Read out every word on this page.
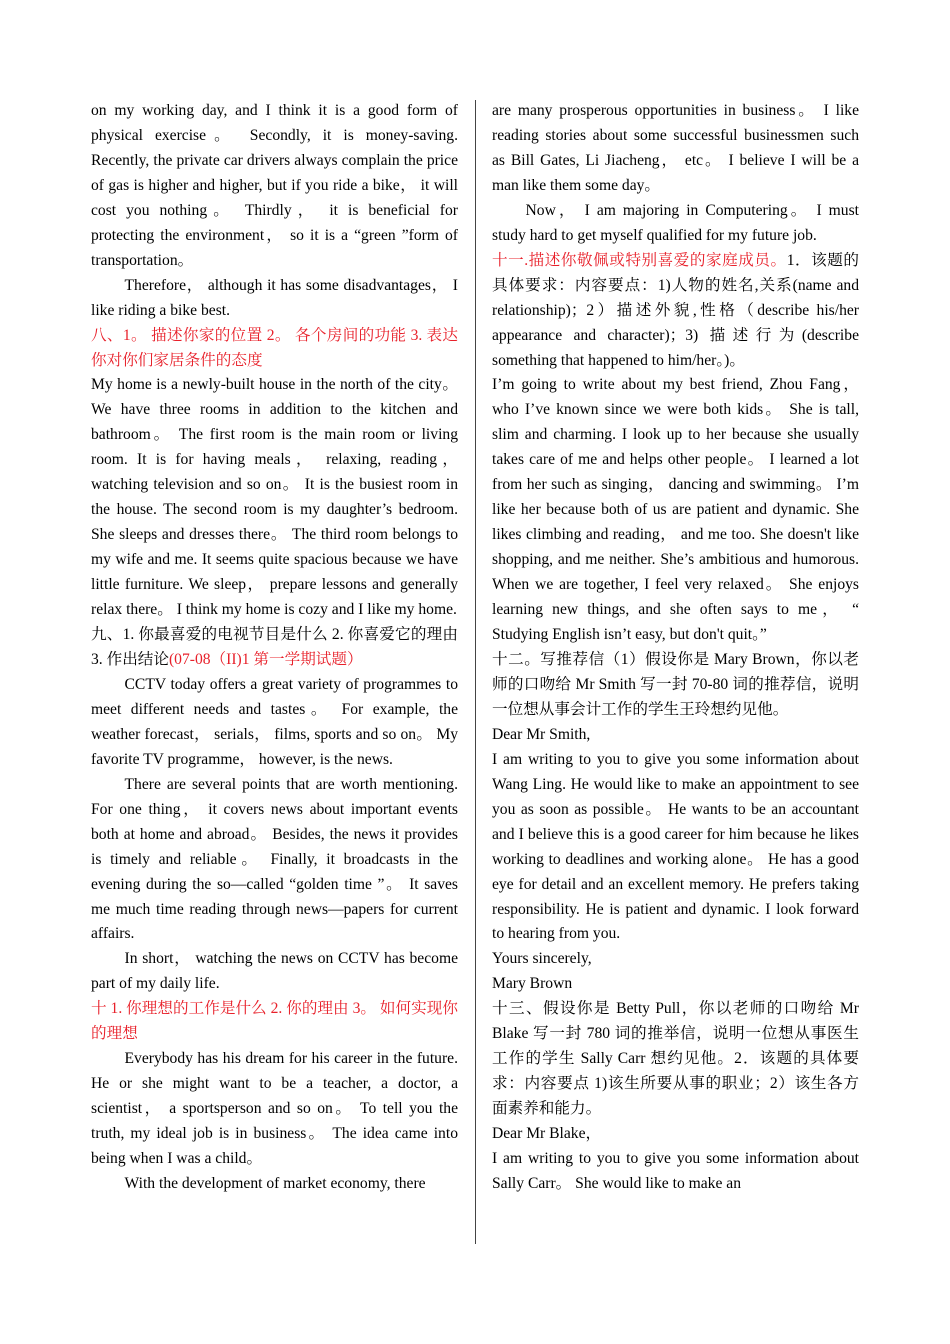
on my working day, and I think it is a good form of physical exercise。 Secondly, it is money-saving. Recently, the private car drivers always complain the price of gas is higher and higher, but if you ride a bike， it will cost you nothing。 Thirdly， it is beneficial for protecting the environment， so it is a “green ”form of transportation。

Therefore， although it has some disadvantages， I like riding a bike best.

八、1。 描述你家的位置 2。 各个房间的功能 3. 表达你对你们家居条件的态度

My home is a newly-built house in the north of the city。 We have three rooms in addition to the kitchen and bathroom。 The first room is the main room or living room. It is for having meals， relaxing, reading， watching television and so on。 It is the busiest room in the house. The second room is my daughter’s bedroom. She sleeps and dresses there。 The third room belongs to my wife and me. It seems quite spacious because we have little furniture. We sleep， prepare lessons and generally relax there。 I think my home is cozy and I like my home.

九、1. 你最喜爱的电视节目是什么 2. 你喜爱它的理由 3. 作出结论(07-08（II)1 第一学期试题）

CCTV today offers a great variety of programmes to meet different needs and tastes。 For example, the weather forecast， serials， films, sports and so on。 My favorite TV programme， however, is the news.

There are several points that are worth mentioning. For one thing， it covers news about important events both at home and abroad。 Besides, the news it provides is timely and reliable。 Finally, it broadcasts in the evening during the so—called “golden time ”。 It saves me much time reading through news—papers for current affairs.

In short， watching the news on CCTV has become part of my daily life.

十 1. 你理想的工作是什么 2. 你的理由 3。 如何实现你的理想

Everybody has his dream for his career in the future. He or she might want to be a teacher, a doctor, a scientist， a sportsperson and so on。 To tell you the truth, my ideal job is in business。 The idea came into being when I was a child。

With the development of market economy, there

are many prosperous opportunities in business。 I like reading stories about some successful businessmen such as Bill Gates, Li Jiacheng， etc。 I believe I will be a man like them some day。

Now， I am majoring in Computering。 I must study hard to get myself qualified for my future job.

十一.描述你敬佩或特别喜爱的家庭成员。1．该题的具体要求：内容要点：1)人物的姓名,关系(name and relationship)；2）描述外貌,性格（describe his/her appearance and character)；3) 描述行为(describe something that happened to him/her。)。

I’m going to write about my best friend, Zhou Fang， who I’ve known since we were both kids。 She is tall, slim and charming. I look up to her because she usually takes care of me and helps other people。 I learned a lot from her such as singing， dancing and swimming。 I’m like her because both of us are patient and dynamic. She likes climbing and reading， and me too. She doesn't like shopping, and me neither. She’s ambitious and humorous. When we are together, I feel very relaxed。 She enjoys learning new things, and she often says to me， “ Studying English isn’t easy, but don't quit。”

十二。写推荐信（1）假设你是 Mary Brown，你以老师的口吻给 Mr Smith 写一封 70-80 词的推荐信，说明一位想从事会计工作的学生王玲想约见他。

Dear Mr Smith,

I am writing to you to give you some information about Wang Ling. He would like to make an appointment to see you as soon as possible。 He wants to be an accountant and I believe this is a good career for him because he likes working to deadlines and working alone。 He has a good eye for detail and an excellent memory. He prefers taking responsibility. He is patient and dynamic. I look forward to hearing from you.

Yours sincerely,

Mary Brown

十三、假设你是 Betty Pull，你以老师的口吻给 Mr Blake 写一封 780 词的推举信，说明一位想从事医生工作的学生 Sally Carr 想约见他。2．该题的具体要求：内容要点 1)该生所要从事的职业；2）该生各方面素养和能力。

Dear Mr Blake，

I am writing to you to give you some information about Sally Carr。 She would like to make an
